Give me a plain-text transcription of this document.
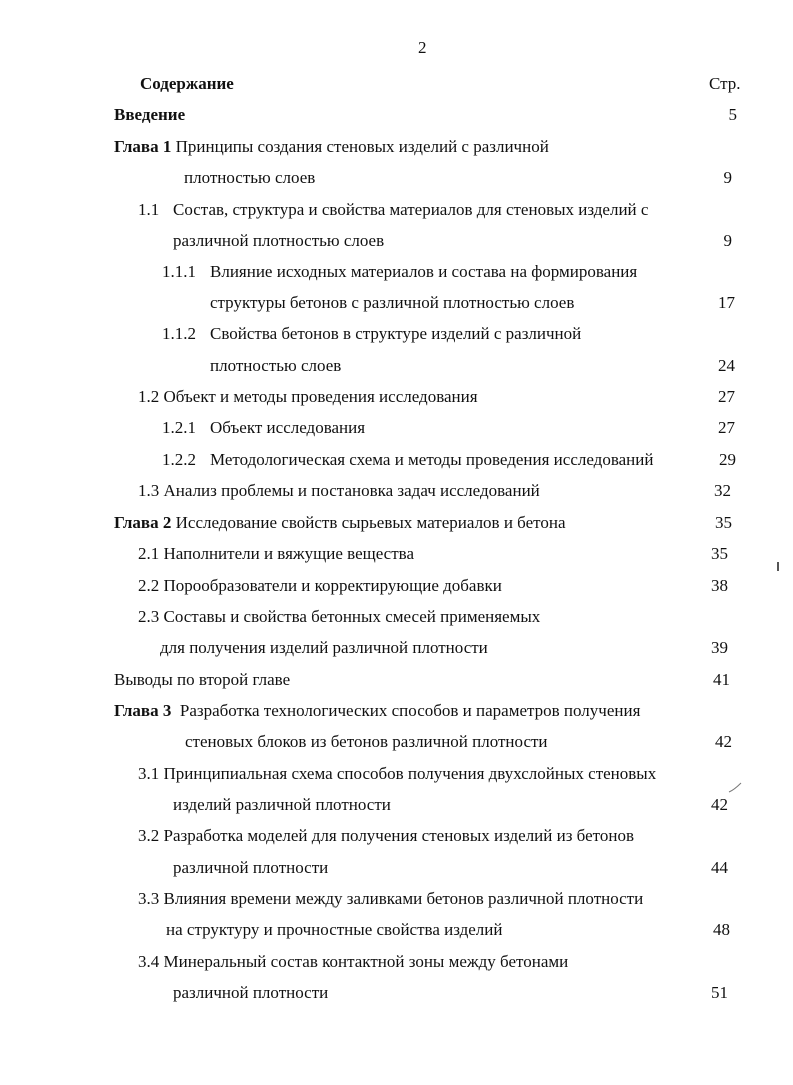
2
Содержание	Стр.
Введение	5
Глава 1 Принципы создания стеновых изделий с различной
плотностью слоев	9
1.1 Состав, структура и свойства материалов для стеновых изделий с
различной плотностью слоев	9
1.1.1 Влияние исходных материалов и состава на формирования
структуры бетонов с различной плотностью слоев	17
1.1.2 Свойства бетонов в структуре изделий с различной
плотностью слоев	24
1.2 Объект и методы проведения исследования	27
1.2.1 Объект исследования	27
1.2.2 Методологическая схема и методы проведения исследований	29
1.3 Анализ проблемы и постановка задач исследований	32
Глава 2 Исследование свойств сырьевых материалов и бетона	35
2.1 Наполнители и вяжущие вещества	35
2.2 Порообразователи и корректирующие добавки	38
2.3 Составы и свойства бетонных смесей применяемых
для получения изделий различной плотности	39
Выводы по второй главе	41
Глава 3 Разработка технологических способов и параметров получения
стеновых блоков из бетонов различной плотности	42
3.1 Принципиальная схема способов получения двухслойных стеновых
изделий различной плотности	42
3.2 Разработка моделей для получения стеновых изделий из бетонов
различной плотности	44
3.3 Влияния времени между заливками бетонов различной плотности
на структуру и прочностные свойства изделий	48
3.4 Минеральный состав контактной зоны между бетонами
различной плотности	51
